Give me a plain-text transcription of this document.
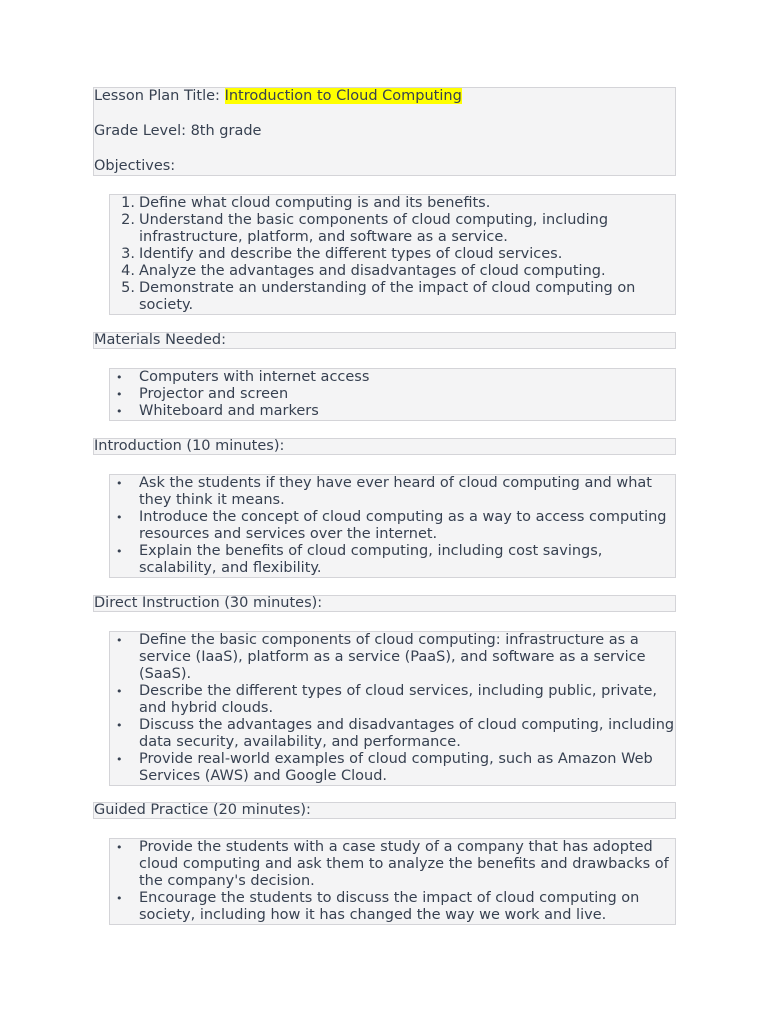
Lesson Plan Title: Introduction to Cloud Computing
Grade Level: 8th grade
Objectives:
1. Define what cloud computing is and its benefits.
2. Understand the basic components of cloud computing, including infrastructure, platform, and software as a service.
3. Identify and describe the different types of cloud services.
4. Analyze the advantages and disadvantages of cloud computing.
5. Demonstrate an understanding of the impact of cloud computing on society.
Materials Needed:
• Computers with internet access
• Projector and screen
• Whiteboard and markers
Introduction (10 minutes):
• Ask the students if they have ever heard of cloud computing and what they think it means.
• Introduce the concept of cloud computing as a way to access computing resources and services over the internet.
• Explain the benefits of cloud computing, including cost savings, scalability, and flexibility.
Direct Instruction (30 minutes):
• Define the basic components of cloud computing: infrastructure as a service (IaaS), platform as a service (PaaS), and software as a service (SaaS).
• Describe the different types of cloud services, including public, private, and hybrid clouds.
• Discuss the advantages and disadvantages of cloud computing, including data security, availability, and performance.
• Provide real-world examples of cloud computing, such as Amazon Web Services (AWS) and Google Cloud.
Guided Practice (20 minutes):
• Provide the students with a case study of a company that has adopted cloud computing and ask them to analyze the benefits and drawbacks of the company's decision.
• Encourage the students to discuss the impact of cloud computing on society, including how it has changed the way we work and live.
